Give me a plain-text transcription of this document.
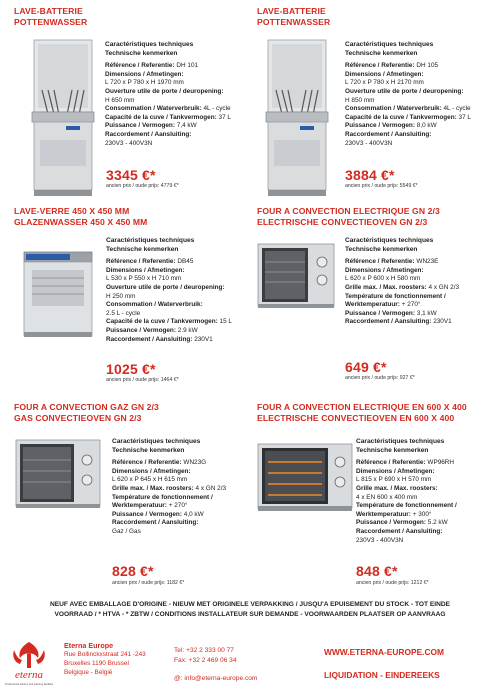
LAVE-BATTERIE
POTTENWASSER
Caractéristiques techniques
Technische kenmerken
Référence / Referentie: DH 101
Dimensions / Afmetingen:
L 720 x P 780 x H 1970 mm
Ouverture utile de porte / deuropening:
H 650 mm
Consommation / Waterverbruik: 4L - cycle
Capacité de la cuve / Tankvermogen: 37 L
Puissance / Vermogen: 7,4 kW
Raccordement / Aansluiting:
230V3 - 400V3N
3345 €*
ancien prix / oude prijs: 4779 €*
LAVE-BATTERIE
POTTENWASSER
Caractéristiques techniques
Technische kenmerken
Référence / Referentie: DH 105
Dimensions / Afmetingen:
L 720 x P 780 x H 2170 mm
Ouverture utile de porte / deuropening:
H 850 mm
Consommation / Waterverbruik: 4L - cycle
Capacité de la cuve / Tankvermogen: 37 L
Puissance / Vermogen: 8,0 kW
Raccordement / Aansluiting:
230V3 - 400V3N
3884 €*
ancien prix / oude prijs: 5549 €*
LAVE-VERRE 450 X 450 MM
GLAZENWASSER 450 X 450 MM
Caractéristiques techniques
Technische kenmerken
Référence / Referentie: DB45
Dimensions / Afmetingen:
L 530 x P 550 x H 710 mm
Ouverture utile de porte / deuropening:
H 250 mm
Consommation / Waterverbruik:
2.5 L - cycle
Capacité de la cuve / Tankvermogen: 15 L
Puissance / Vermogen: 2.9 kW
Raccordement / Aansluiting: 230V1
1025 €*
ancien prix / oude prijs: 1464 €*
FOUR A CONVECTION ELECTRIQUE GN 2/3
ELECTRISCHE CONVECTIEOVEN GN 2/3
Caractéristiques techniques
Technische kenmerken
Référence / Referentie: WN23E
Dimensions / Afmetingen:
L 620 x P 600 x H 580 mm
Grille max. / Max. roosters: 4 x GN 2/3
Température de fonctionnement / Werktemperatuur: + 270°
Puissance / Vermogen: 3,1 kW
Raccordement / Aansluiting: 230V1
649 €*
ancien prix / oude prijs: 927 €*
FOUR A CONVECTION GAZ GN 2/3
GAS CONVECTIEOVEN GN 2/3
Caractéristiques techniques
Technische kenmerken
Référence / Referentie: WN23G
Dimensions / Afmetingen:
L 620 x P 645 x H 615 mm
Grille max. / Max. roosters: 4 x GN 2/3
Température de fonctionnement / Werktemperatuur: + 270°
Puissance / Vermogen: 4,0 kW
Raccordement / Aansluiting:
Gaz / Gas
828 €*
ancien prix / oude prijs: 1182 €*
FOUR A CONVECTION ELECTRIQUE EN 600 X 400
ELECTRISCHE CONVECTIEOVEN EN 600 X 400
Caractéristiques techniques
Technische kenmerken
Référence / Referentie: WP96RH
Dimensions / Afmetingen:
L 815 x P 690 x H 570 mm
Grille max. / Max. roosters:
4 x EN 600 x 400 mm
Température de fonctionnement / Werktemperatuur: + 300°
Puissance / Vermogen: 5.2 kW
Raccordement / Aansluiting:
230V3 - 400V3N
848 €*
ancien prix / oude prijs: 1212 €*
NEUF AVEC EMBALLAGE D'ORIGINE - NIEUW MET ORIGINELE VERPAKKING / JUSQU'A EPUISEMENT DU STOCK - TOT EINDE
VOORRAAD / * HTVA - * ZBTW / CONDITIONS INSTALLATEUR SUR DEMANDE - VOORWAARDEN PLAATSER OP AANVRAAG
eterna
Professional kitchen and catering facilities
Eterna Europe
Rue Bollinckxstraat 241 -243
Bruxelles 1190 Brussel
Belgique - België
Tel: +32 2 333 00 77
Fax: +32 2 469 06 34
@: info@eterna-europe.com
WWW.ETERNA-EUROPE.COM
LIQUIDATION - EINDEREEKS
